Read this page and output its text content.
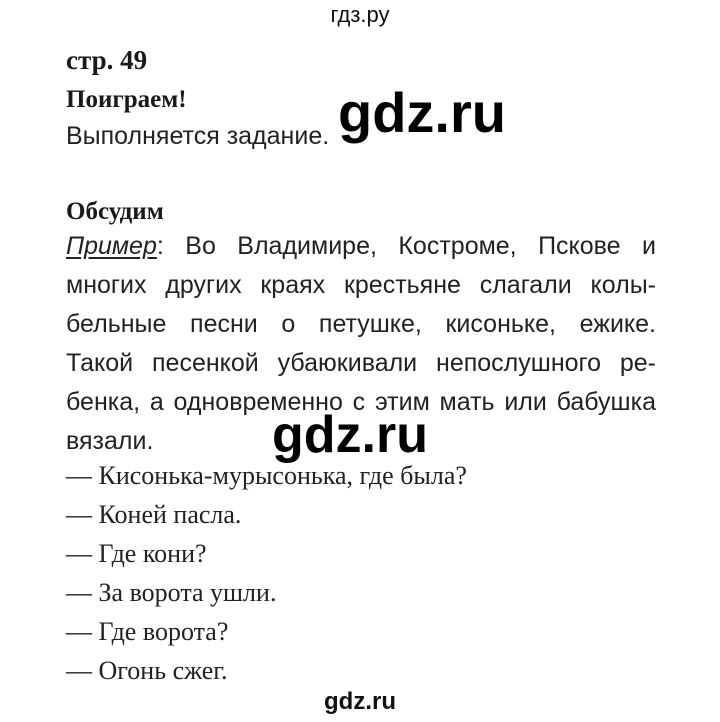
гдз.ру
стр. 49
Поиграем!
Выполняется задание.
Обсудим
Пример: Во Владимире, Костроме, Пскове и
многих других краях крестьяне слагали колы-
бельные песни о петушке, кисоньке, ежике.
Такой песенкой убаюкивали непослушного ре-
бенка, а одновременно с этим мать или бабушка
вязали.
— Кисонька-мурысонька, где была?
— Коней пасла.
— Где кони?
— За ворота ушли.
— Где ворота?
— Огонь сжег.
gdz.ru
gdz.ru
gdz.ru
